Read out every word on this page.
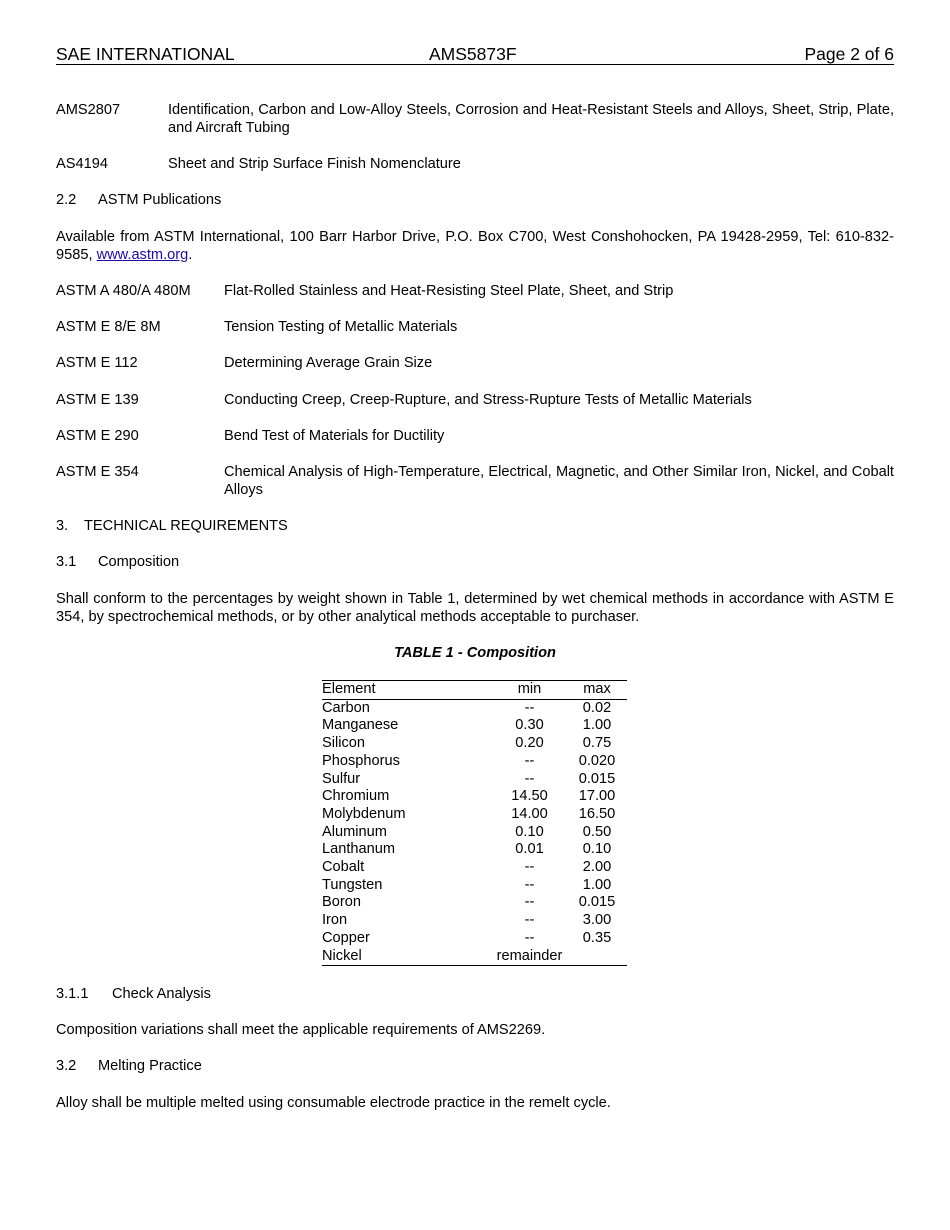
SAE INTERNATIONAL	AMS5873F	Page 2 of 6
AMS2807	Identification, Carbon and Low-Alloy Steels, Corrosion and Heat-Resistant Steels and Alloys, Sheet, Strip, Plate, and Aircraft Tubing
AS4194	Sheet and Strip Surface Finish Nomenclature
2.2 ASTM Publications
Available from ASTM International, 100 Barr Harbor Drive, P.O. Box C700, West Conshohocken, PA 19428-2959, Tel: 610-832-9585, www.astm.org.
ASTM A 480/A 480M Flat-Rolled Stainless and Heat-Resisting Steel Plate, Sheet, and Strip
ASTM E 8/E 8M	Tension Testing of Metallic Materials
ASTM E 112	Determining Average Grain Size
ASTM E 139	Conducting Creep, Creep-Rupture, and Stress-Rupture Tests of Metallic Materials
ASTM E 290	Bend Test of Materials for Ductility
ASTM E 354	Chemical Analysis of High-Temperature, Electrical, Magnetic, and Other Similar Iron, Nickel, and Cobalt Alloys
3. TECHNICAL REQUIREMENTS
3.1 Composition
Shall conform to the percentages by weight shown in Table 1, determined by wet chemical methods in accordance with ASTM E 354, by spectrochemical methods, or by other analytical methods acceptable to purchaser.
TABLE 1 - Composition
Element	min	max
Carbon	--	0.02
Manganese	0.30	1.00
Silicon	0.20	0.75
Phosphorus	--	0.020
Sulfur	--	0.015
Chromium	14.50	17.00
Molybdenum	14.00	16.50
Aluminum	0.10	0.50
Lanthanum	0.01	0.10
Cobalt	--	2.00
Tungsten	--	1.00
Boron	--	0.015
Iron	--	3.00
Copper	--	0.35
Nickel	remainder	
3.1.1 Check Analysis
Composition variations shall meet the applicable requirements of AMS2269.
3.2 Melting Practice
Alloy shall be multiple melted using consumable electrode practice in the remelt cycle.
